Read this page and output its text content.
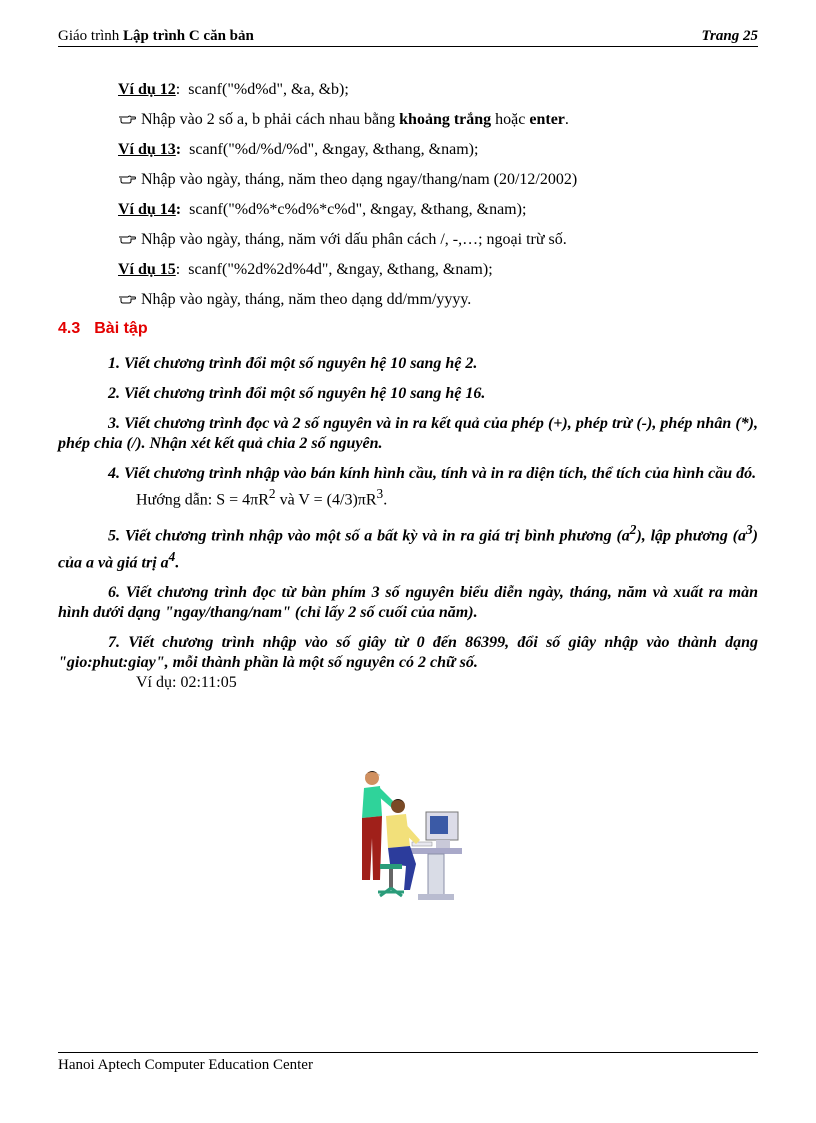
Giáo trình Lập trình C căn bản	Trang 25
Ví dụ 12:  scanf("%d%d", &a, &b);
Nhập vào 2 số a, b phải cách nhau bằng khoảng trắng hoặc enter.
Ví dụ 13:  scanf("%d/%d/%d", &ngay, &thang, &nam);
Nhập vào ngày, tháng, năm theo dạng ngay/thang/nam (20/12/2002)
Ví dụ 14:  scanf("%d%*c%d%*c%d", &ngay, &thang, &nam);
Nhập vào ngày, tháng, năm với dấu phân cách /, -,…; ngoại trừ số.
Ví dụ 15:  scanf("%2d%2d%4d", &ngay, &thang, &nam);
Nhập vào ngày, tháng, năm theo dạng dd/mm/yyyy.
4.3 Bài tập
1. Viết chương trình đổi một số nguyên hệ 10 sang hệ 2.
2. Viết chương trình đổi một số nguyên hệ 10 sang hệ 16.
3. Viết chương trình đọc và 2 số nguyên và in ra kết quả của phép (+), phép trừ (-), phép nhân (*), phép chia (/). Nhận xét kết quả chia 2 số nguyên.
4. Viết chương trình nhập vào bán kính hình cầu, tính và in ra diện tích, thể tích của hình cầu đó.
Hướng dẫn: $S = 4\pi R^2$ và $V = (4/3)\pi R^3$.
5. Viết chương trình nhập vào một số a bất kỳ và in ra giá trị bình phương $(a^2)$, lập phương $(a^3)$ của a và giá trị $a^4$.
6. Viết chương trình đọc từ bàn phím 3 số nguyên biểu diễn ngày, tháng, năm và xuất ra màn hình dưới dạng "ngay/thang/nam" (chỉ lấy 2 số cuối của năm).
7. Viết chương trình nhập vào số giây từ 0 đến 86399, đổi số giây nhập vào thành dạng "gio:phut:giay", mỗi thành phần là một số nguyên có 2 chữ số.
Ví dụ: 02:11:05
Hanoi Aptech Computer Education Center
